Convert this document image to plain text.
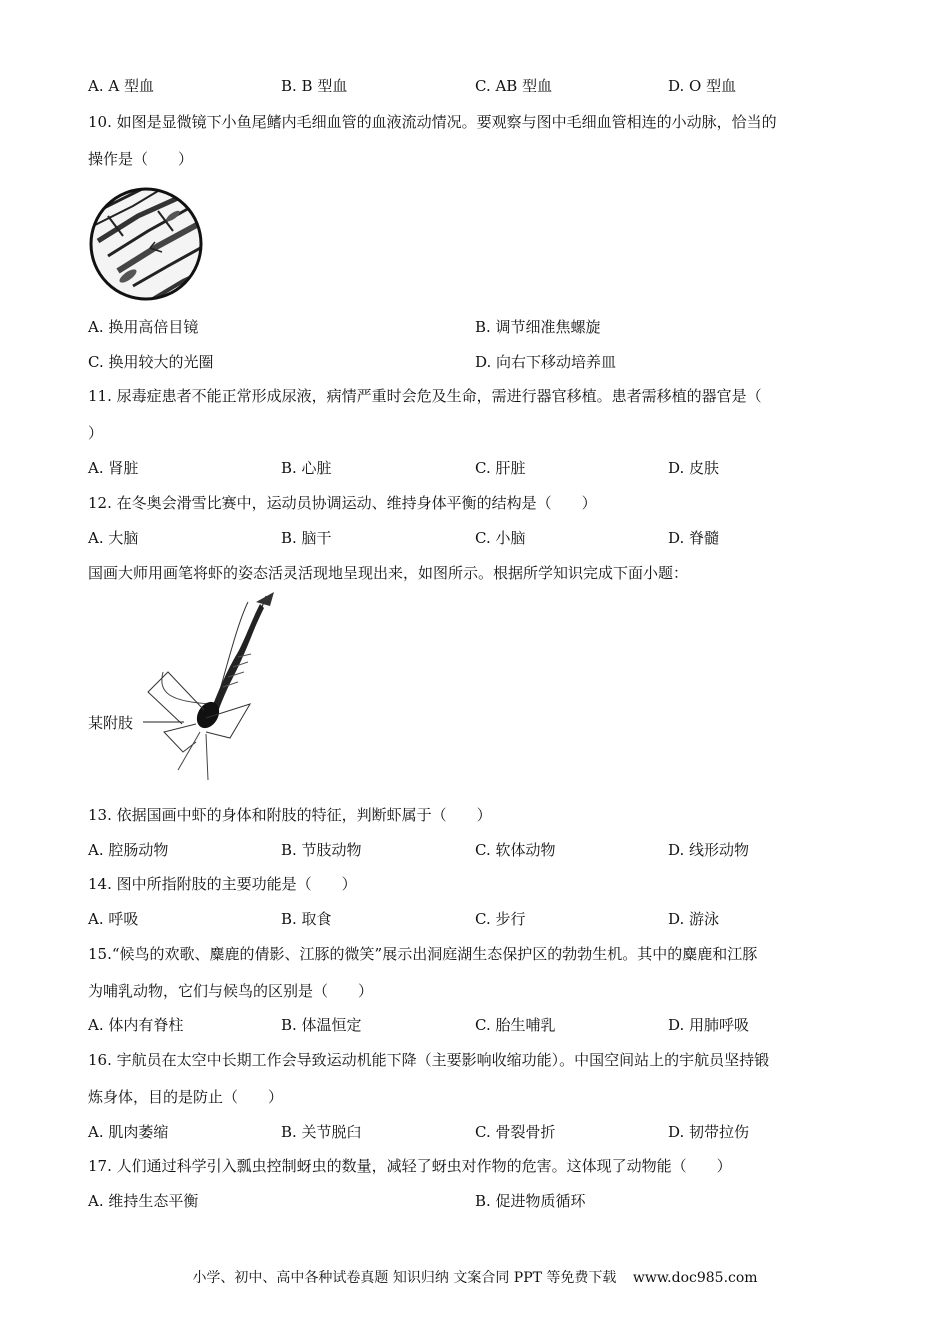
A. A 型血	B. B 型血	C. AB 型血	D. O 型血
10. 如图是显微镜下小鱼尾鳍内毛细血管的血液流动情况。要观察与图中毛细血管相连的小动脉，恰当的
操作是（　　）
A. 换用高倍目镜	B. 调节细准焦螺旋
C. 换用较大的光圈	D. 向右下移动培养皿
11. 尿毒症患者不能正常形成尿液，病情严重时会危及生命，需进行器官移植。患者需移植的器官是（
）
A. 肾脏	B. 心脏	C. 肝脏	D. 皮肤
12. 在冬奥会滑雪比赛中，运动员协调运动、维持身体平衡的结构是（　　）
A. 大脑	B. 脑干	C. 小脑	D. 脊髓
国画大师用画笔将虾的姿态活灵活现地呈现出来，如图所示。根据所学知识完成下面小题：
某附肢
13. 依据国画中虾的身体和附肢的特征，判断虾属于（　　）
A. 腔肠动物	B. 节肢动物	C. 软体动物	D. 线形动物
14. 图中所指附肢的主要功能是（　　）
A. 呼吸	B. 取食	C. 步行	D. 游泳
15.“候鸟的欢歌、麋鹿的倩影、江豚的微笑”展示出洞庭湖生态保护区的勃勃生机。其中的麋鹿和江豚
为哺乳动物，它们与候鸟的区别是（　　）
A. 体内有脊柱	B. 体温恒定	C. 胎生哺乳	D. 用肺呼吸
16. 宇航员在太空中长期工作会导致运动机能下降（主要影响收缩功能）。中国空间站上的宇航员坚持锻
炼身体，目的是防止（　　）
A. 肌肉萎缩	B. 关节脱臼	C. 骨裂骨折	D. 韧带拉伤
17. 人们通过科学引入瓢虫控制蚜虫的数量，减轻了蚜虫对作物的危害。这体现了动物能（　　）
A. 维持生态平衡	B. 促进物质循环
小学、初中、高中各种试卷真题 知识归纳 文案合同 PPT 等免费下载 www.doc985.com
